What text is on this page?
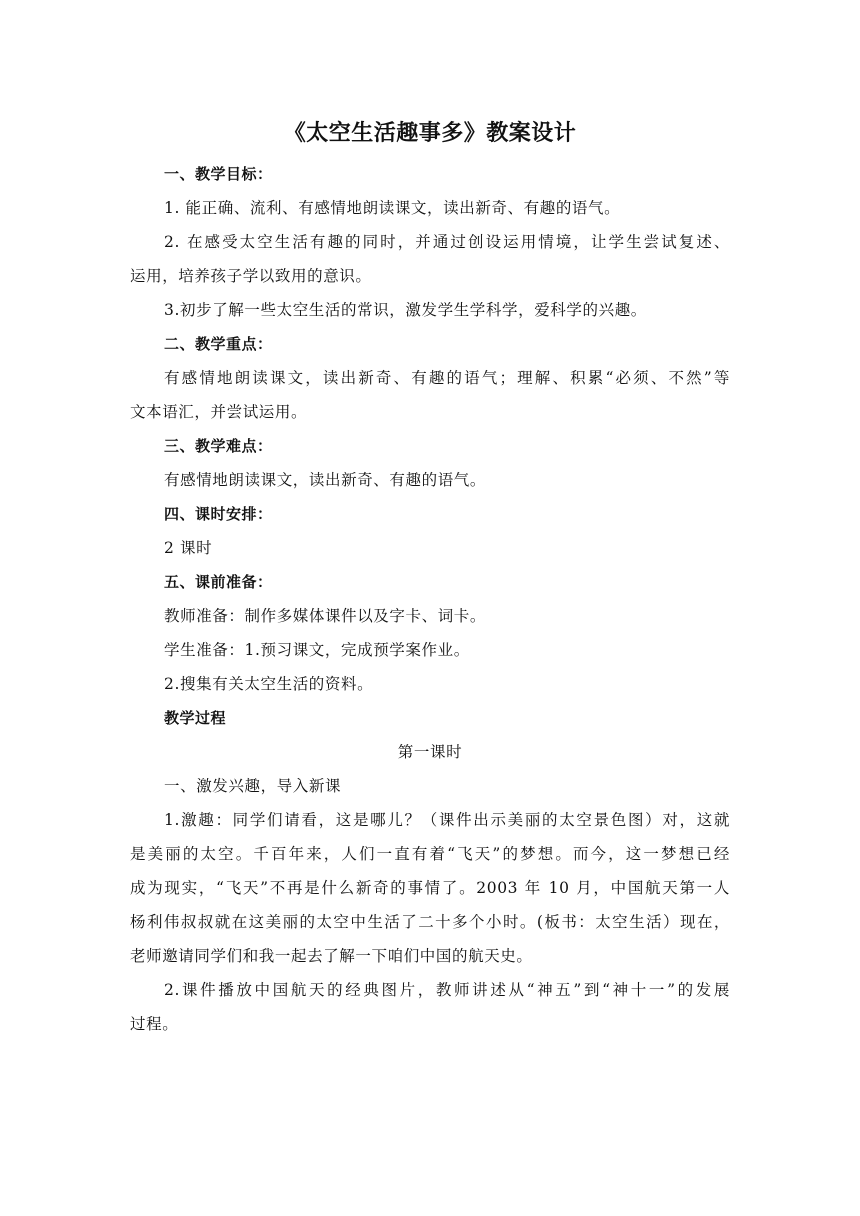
《太空生活趣事多》教案设计
一、教学目标：
1. 能正确、流利、有感情地朗读课文，读出新奇、有趣的语气。
2. 在感受太空生活有趣的同时，并通过创设运用情境，让学生尝试复述、
运用，培养孩子学以致用的意识。
3.初步了解一些太空生活的常识，激发学生学科学，爱科学的兴趣。
二、教学重点：
有感情地朗读课文，读出新奇、有趣的语气；理解、积累“必须、不然”等
文本语汇，并尝试运用。
三、教学难点：
有感情地朗读课文，读出新奇、有趣的语气。
四、课时安排：
2 课时
五、课前准备：
教师准备：制作多媒体课件以及字卡、词卡。
学生准备：1.预习课文，完成预学案作业。
2.搜集有关太空生活的资料。
教学过程
第一课时
一、激发兴趣，导入新课
1.激趣：同学们请看，这是哪儿？（课件出示美丽的太空景色图）对，这就
是美丽的太空。千百年来，人们一直有着“飞天”的梦想。而今，这一梦想已经
成为现实，“飞天”不再是什么新奇的事情了。2003 年 10 月，中国航天第一人
杨利伟叔叔就在这美丽的太空中生活了二十多个小时。(板书：太空生活）现在，
老师邀请同学们和我一起去了解一下咱们中国的航天史。
2.课件播放中国航天的经典图片，教师讲述从“神五”到“神十一”的发展
过程。
